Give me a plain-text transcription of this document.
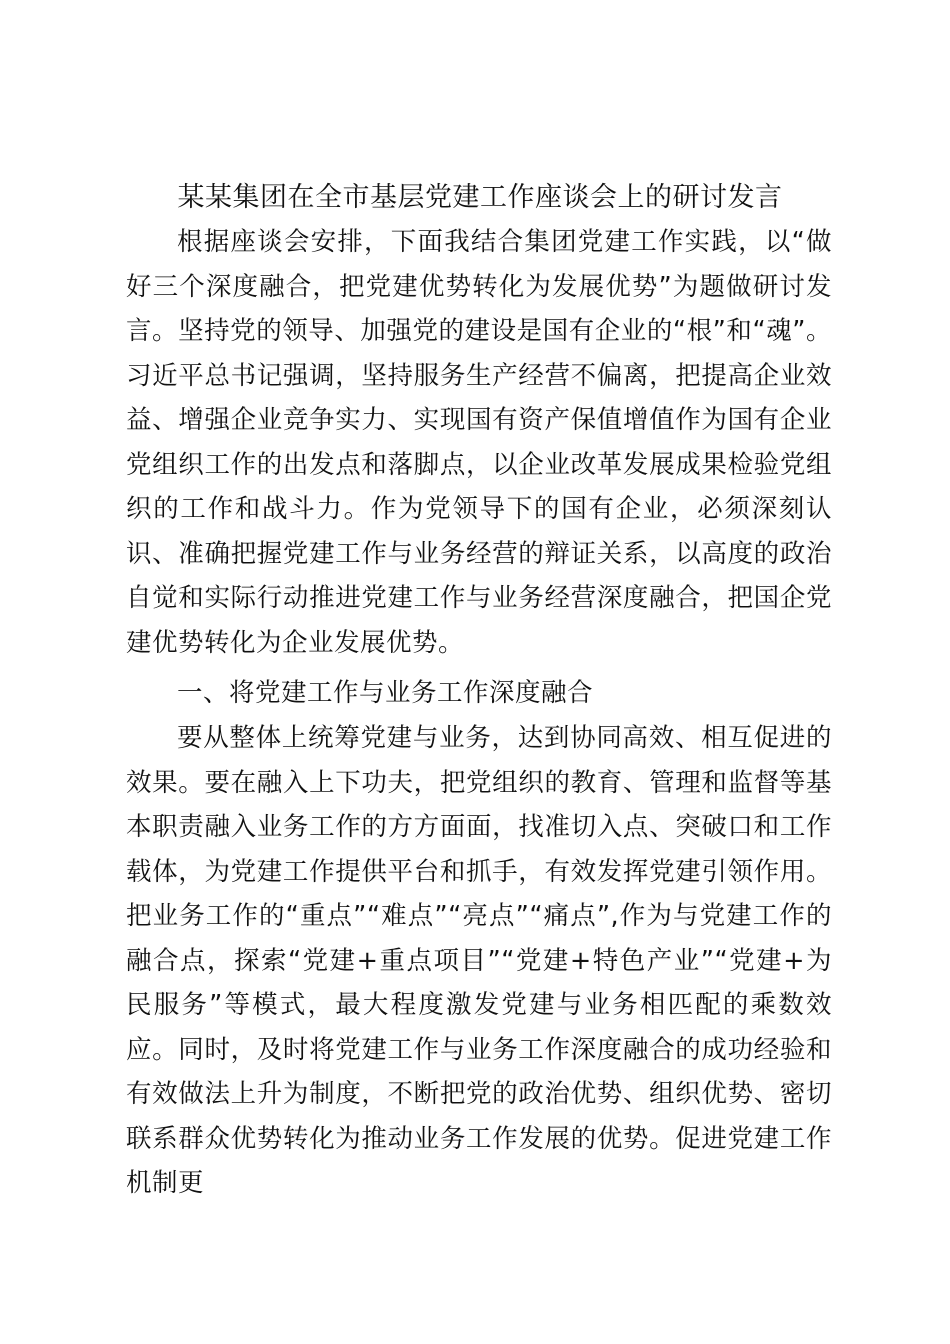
某某集团在全市基层党建工作座谈会上的研讨发言

根据座谈会安排，下面我结合集团党建工作实践，以“做好三个深度融合，把党建优势转化为发展优势”为题做研讨发言。坚持党的领导、加强党的建设是国有企业的“根”和“魂”。习近平总书记强调，坚持服务生产经营不偏离，把提高企业效益、增强企业竞争实力、实现国有资产保值增值作为国有企业党组织工作的出发点和落脚点，以企业改革发展成果检验党组织的工作和战斗力。作为党领导下的国有企业，必须深刻认识、准确把握党建工作与业务经营的辩证关系，以高度的政治自觉和实际行动推进党建工作与业务经营深度融合，把国企党建优势转化为企业发展优势。

一、将党建工作与业务工作深度融合

要从整体上统筹党建与业务，达到协同高效、相互促进的效果。要在融入上下功夫，把党组织的教育、管理和监督等基本职责融入业务工作的方方面面，找准切入点、突破口和工作载体，为党建工作提供平台和抓手，有效发挥党建引领作用。把业务工作的“重点”“难点”“亮点”“痛点”,作为与党建工作的融合点，探索“党建+重点项目”“党建+特色产业”“党建+为民服务”等模式，最大程度激发党建与业务相匹配的乘数效应。同时，及时将党建工作与业务工作深度融合的成功经验和有效做法上升为制度，不断把党的政治优势、组织优势、密切联系群众优势转化为推动业务工作发展的优势。促进党建工作机制更
